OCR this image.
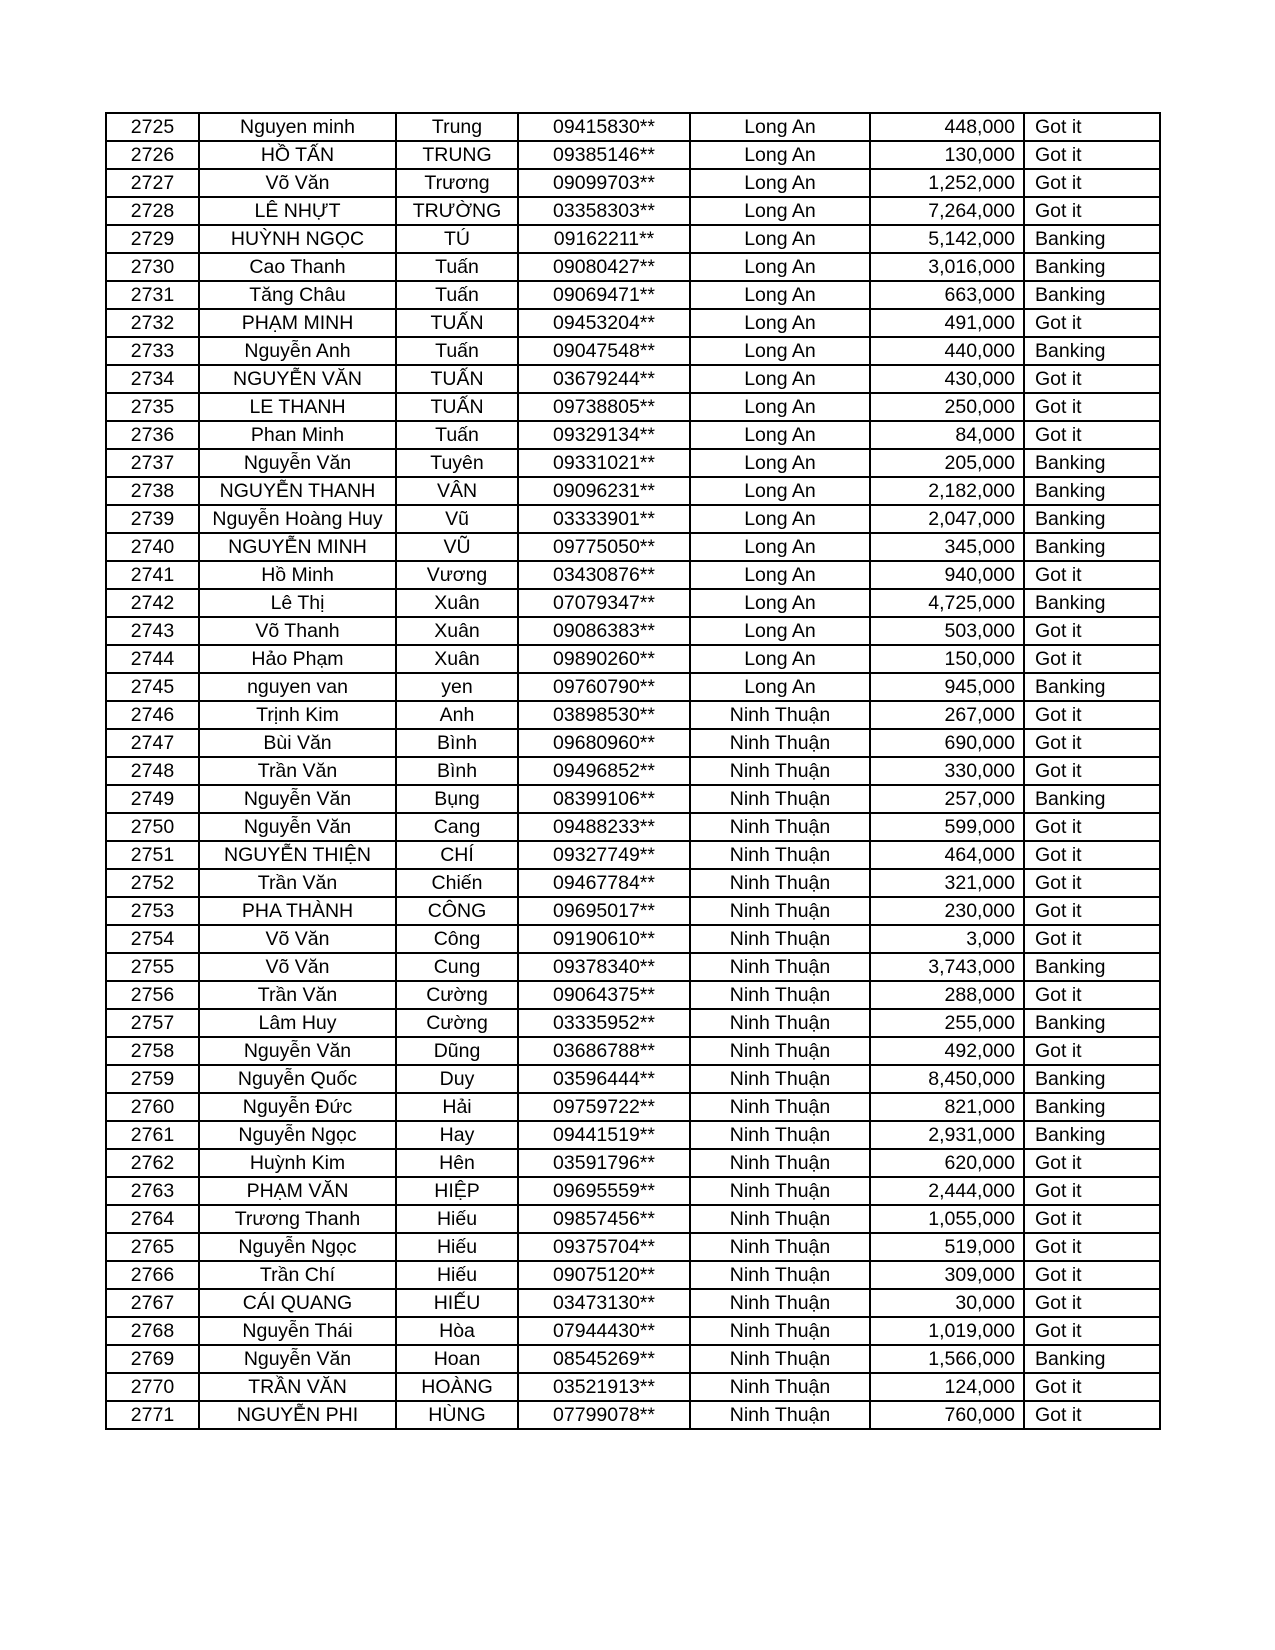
2725	Nguyen minh	Trung	09415830**	Long An	448,000	Got it
2726	HỒ TẤN	TRUNG	09385146**	Long An	130,000	Got it
2727	Võ Văn	Trương	09099703**	Long An	1,252,000	Got it
2728	LÊ NHỰT	TRƯỜNG	03358303**	Long An	7,264,000	Got it
2729	HUỲNH NGỌC	TÚ	09162211**	Long An	5,142,000	Banking
2730	Cao Thanh	Tuấn	09080427**	Long An	3,016,000	Banking
2731	Tăng Châu	Tuấn	09069471**	Long An	663,000	Banking
2732	PHẠM MINH	TUẤN	09453204**	Long An	491,000	Got it
2733	Nguyễn Anh	Tuấn	09047548**	Long An	440,000	Banking
2734	NGUYỄN VĂN	TUẤN	03679244**	Long An	430,000	Got it
2735	LE THANH	TUẤN	09738805**	Long An	250,000	Got it
2736	Phan Minh	Tuấn	09329134**	Long An	84,000	Got it
2737	Nguyễn Văn	Tuyên	09331021**	Long An	205,000	Banking
2738	NGUYỄN THANH	VÂN	09096231**	Long An	2,182,000	Banking
2739	Nguyễn Hoàng Huy	Vũ	03333901**	Long An	2,047,000	Banking
2740	NGUYỄN MINH	VŨ	09775050**	Long An	345,000	Banking
2741	Hồ Minh	Vương	03430876**	Long An	940,000	Got it
2742	Lê Thị	Xuân	07079347**	Long An	4,725,000	Banking
2743	Võ Thanh	Xuân	09086383**	Long An	503,000	Got it
2744	Hảo Phạm	Xuân	09890260**	Long An	150,000	Got it
2745	nguyen van	yen	09760790**	Long An	945,000	Banking
2746	Trịnh Kim	Anh	03898530**	Ninh Thuận	267,000	Got it
2747	Bùi Văn	Bình	09680960**	Ninh Thuận	690,000	Got it
2748	Trần Văn	Bình	09496852**	Ninh Thuận	330,000	Got it
2749	Nguyễn Văn	Bụng	08399106**	Ninh Thuận	257,000	Banking
2750	Nguyễn Văn	Cang	09488233**	Ninh Thuận	599,000	Got it
2751	NGUYỄN THIỆN	CHÍ	09327749**	Ninh Thuận	464,000	Got it
2752	Trần Văn	Chiến	09467784**	Ninh Thuận	321,000	Got it
2753	PHA THÀNH	CÔNG	09695017**	Ninh Thuận	230,000	Got it
2754	Võ Văn	Công	09190610**	Ninh Thuận	3,000	Got it
2755	Võ Văn	Cung	09378340**	Ninh Thuận	3,743,000	Banking
2756	Trần Văn	Cường	09064375**	Ninh Thuận	288,000	Got it
2757	Lâm Huy	Cường	03335952**	Ninh Thuận	255,000	Banking
2758	Nguyễn Văn	Dũng	03686788**	Ninh Thuận	492,000	Got it
2759	Nguyễn Quốc	Duy	03596444**	Ninh Thuận	8,450,000	Banking
2760	Nguyễn Đức	Hải	09759722**	Ninh Thuận	821,000	Banking
2761	Nguyễn Ngọc	Hay	09441519**	Ninh Thuận	2,931,000	Banking
2762	Huỳnh Kim	Hên	03591796**	Ninh Thuận	620,000	Got it
2763	PHẠM VĂN	HIỆP	09695559**	Ninh Thuận	2,444,000	Got it
2764	Trương Thanh	Hiếu	09857456**	Ninh Thuận	1,055,000	Got it
2765	Nguyễn Ngọc	Hiếu	09375704**	Ninh Thuận	519,000	Got it
2766	Trần Chí	Hiếu	09075120**	Ninh Thuận	309,000	Got it
2767	CÁI QUANG	HIẾU	03473130**	Ninh Thuận	30,000	Got it
2768	Nguyễn Thái	Hòa	07944430**	Ninh Thuận	1,019,000	Got it
2769	Nguyễn Văn	Hoan	08545269**	Ninh Thuận	1,566,000	Banking
2770	TRẦN VĂN	HOÀNG	03521913**	Ninh Thuận	124,000	Got it
2771	NGUYỄN PHI	HÙNG	07799078**	Ninh Thuận	760,000	Got it
